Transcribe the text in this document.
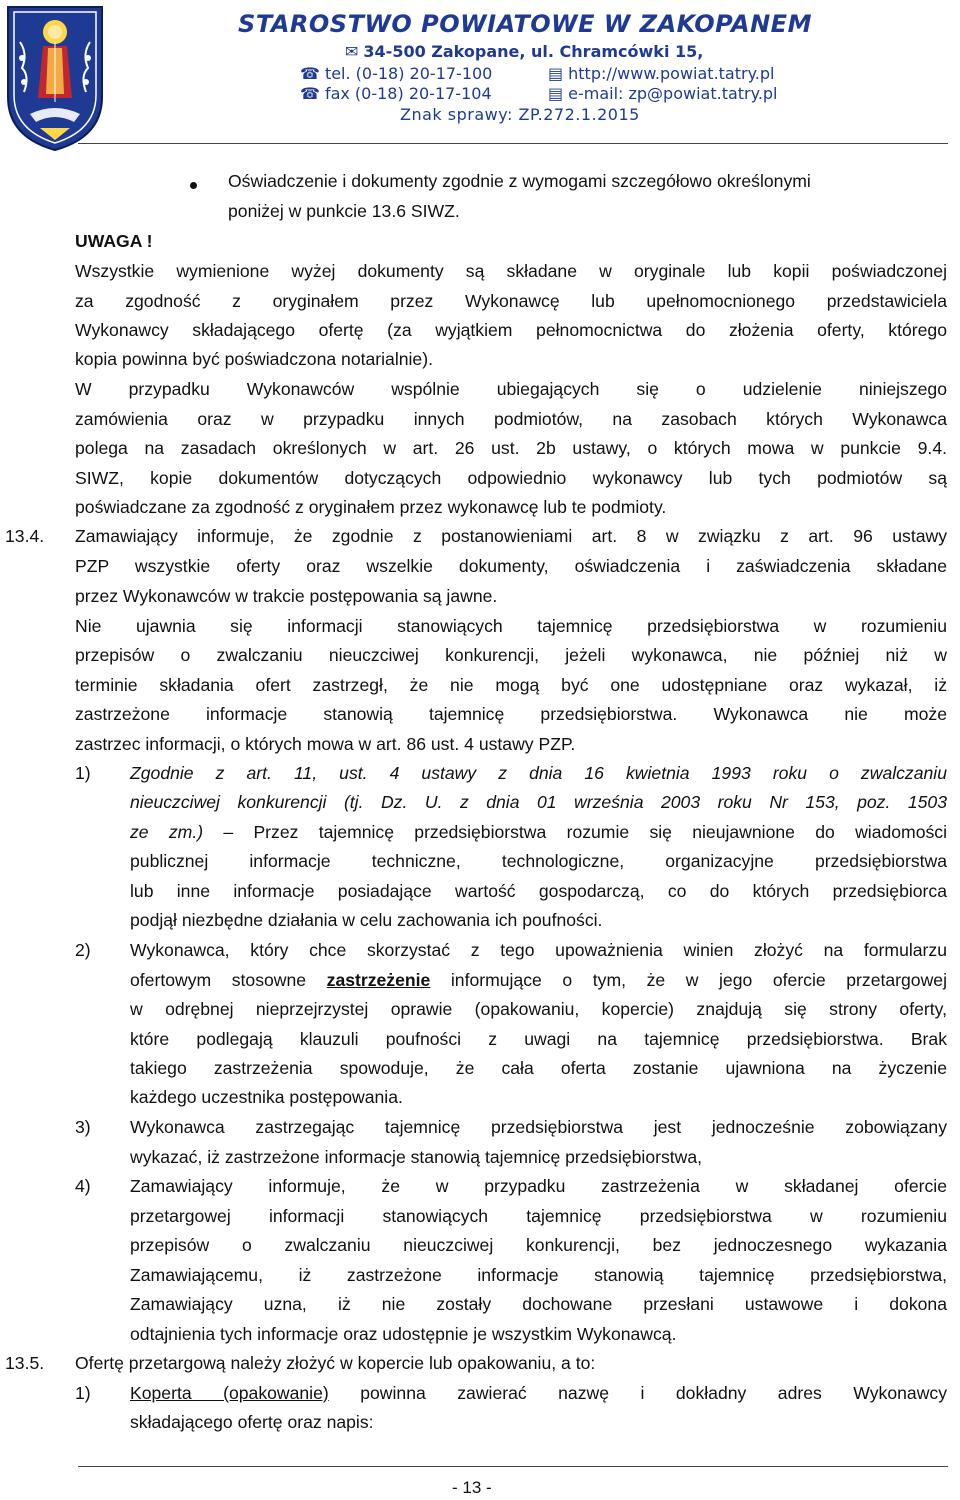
STAROSTWO POWIATOWE W ZAKOPANEM
✉ 34-500 Zakopane, ul. Chramcówki 15,
☎ tel. (0-18) 20-17-100	▤ http://www.powiat.tatry.pl
☎ fax (0-18) 20-17-104	▤ e-mail: zp@powiat.tatry.pl
Znak sprawy: ZP.272.1.2015
Oświadczenie i dokumenty zgodnie z wymogami szczegółowo określonymi
poniżej w punkcie 13.6 SIWZ.
UWAGA !
Wszystkie wymienione wyżej dokumenty są składane w oryginale lub kopii poświadczonej
za zgodność z oryginałem przez Wykonawcę lub upełnomocnionego przedstawiciela
Wykonawcy składającego ofertę (za wyjątkiem pełnomocnictwa do złożenia oferty, którego
kopia powinna być poświadczona notarialnie).
W przypadku Wykonawców wspólnie ubiegających się o udzielenie niniejszego
zamówienia oraz w przypadku innych podmiotów, na zasobach których Wykonawca
polega na zasadach określonych w art. 26 ust. 2b ustawy, o których mowa w punkcie 9.4.
SIWZ, kopie dokumentów dotyczących odpowiednio wykonawcy lub tych podmiotów są
poświadczane za zgodność z oryginałem przez wykonawcę lub te podmioty.
13.4. Zamawiający informuje, że zgodnie z postanowieniami art. 8 w związku z art. 96 ustawy
PZP wszystkie oferty oraz wszelkie dokumenty, oświadczenia i zaświadczenia składane
przez Wykonawców w trakcie postępowania są jawne.
Nie ujawnia się informacji stanowiących tajemnicę przedsiębiorstwa w rozumieniu
przepisów o zwalczaniu nieuczciwej konkurencji, jeżeli wykonawca, nie później niż w
terminie składania ofert zastrzegł, że nie mogą być one udostępniane oraz wykazał, iż
zastrzeżone informacje stanowią tajemnicę przedsiębiorstwa. Wykonawca nie może
zastrzec informacji, o których mowa w art. 86 ust. 4 ustawy PZP.
1) Zgodnie z art. 11, ust. 4 ustawy z dnia 16 kwietnia 1993 roku o zwalczaniu
nieuczciwej konkurencji (tj. Dz. U. z dnia 01 września 2003 roku Nr 153, poz. 1503
ze zm.) – Przez tajemnicę przedsiębiorstwa rozumie się nieujawnione do wiadomości
publicznej informacje techniczne, technologiczne, organizacyjne przedsiębiorstwa
lub inne informacje posiadające wartość gospodarczą, co do których przedsiębiorca
podjął niezbędne działania w celu zachowania ich poufności.
2) Wykonawca, który chce skorzystać z tego upoważnienia winien złożyć na formularzu
ofertowym stosowne zastrzeżenie informujące o tym, że w jego ofercie przetargowej
w odrębnej nieprzejrzystej oprawie (opakowaniu, kopercie) znajdują się strony oferty,
które podlegają klauzuli poufności z uwagi na tajemnicę przedsiębiorstwa. Brak
takiego zastrzeżenia spowoduje, że cała oferta zostanie ujawniona na życzenie
każdego uczestnika postępowania.
3) Wykonawca zastrzegając tajemnicę przedsiębiorstwa jest jednocześnie zobowiązany
wykazać, iż zastrzeżone informacje stanowią tajemnicę przedsiębiorstwa,
4) Zamawiający informuje, że w przypadku zastrzeżenia w składanej ofercie
przetargowej informacji stanowiących tajemnicę przedsiębiorstwa w rozumieniu
przepisów o zwalczaniu nieuczciwej konkurencji, bez jednoczesnego wykazania
Zamawiającemu, iż zastrzeżone informacje stanowią tajemnicę przedsiębiorstwa,
Zamawiający uzna, iż nie zostały dochowane przesłani ustawowe i dokona
odtajnienia tych informacje oraz udostępnie je wszystkim Wykonawcą.
13.5. Ofertę przetargową należy złożyć w kopercie lub opakowaniu, a to:
1) Koperta (opakowanie) powinna zawierać nazwę i dokładny adres Wykonawcy
składającego ofertę oraz napis:
- 13 -
